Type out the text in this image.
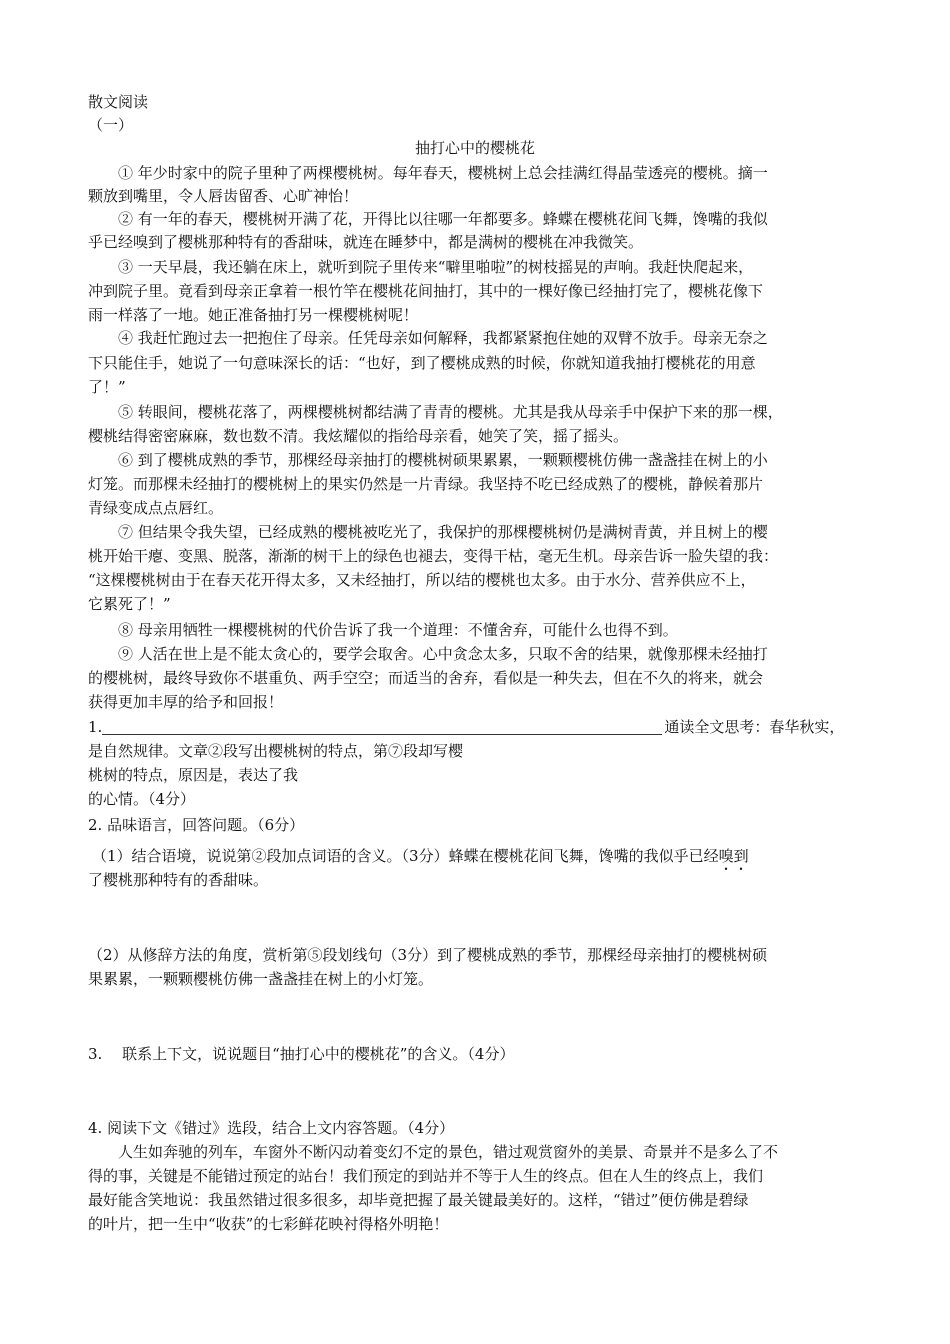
散文阅读
（一）
抽打心中的樱桃花
① 年少时家中的院子里种了两棵樱桃树。每年春天，樱桃树上总会挂满红得晶莹透亮的樱桃。摘一
颗放到嘴里，令人唇齿留香、心旷神怡！
② 有一年的春天，樱桃树开满了花，开得比以往哪一年都要多。蜂蝶在樱桃花间飞舞，馋嘴的我似
乎已经嗅到了樱桃那种特有的香甜味，就连在睡梦中，都是满树的樱桃在冲我微笑。
③ 一天早晨，我还躺在床上，就听到院子里传来“噼里啪啦”的树枝摇晃的声响。我赶快爬起来，
冲到院子里。竟看到母亲正拿着一根竹竿在樱桃花间抽打，其中的一棵好像已经抽打完了，樱桃花像下
雨一样落了一地。她正准备抽打另一棵樱桃树呢！
④ 我赶忙跑过去一把抱住了母亲。任凭母亲如何解释，我都紧紧抱住她的双臂不放手。母亲无奈之
下只能住手，她说了一句意味深长的话：“也好，到了樱桃成熟的时候，你就知道我抽打樱桃花的用意
了！”
⑤ 转眼间，樱桃花落了，两棵樱桃树都结满了青青的樱桃。尤其是我从母亲手中保护下来的那一棵，
樱桃结得密密麻麻，数也数不清。我炫耀似的指给母亲看，她笑了笑，摇了摇头。
⑥ 到了樱桃成熟的季节，那棵经母亲抽打的樱桃树硕果累累，一颗颗樱桃仿佛一盏盏挂在树上的小
灯笼。而那棵未经抽打的樱桃树上的果实仍然是一片青绿。我坚持不吃已经成熟了的樱桃，静候着那片
青绿变成点点唇红。
⑦ 但结果令我失望，已经成熟的樱桃被吃光了，我保护的那棵樱桃树仍是满树青黄，并且树上的樱
桃开始干瘪、变黑、脱落，渐渐的树干上的绿色也褪去，变得干枯，毫无生机。母亲告诉一脸失望的我：
“这棵樱桃树由于在春天花开得太多，又未经抽打，所以结的樱桃也太多。由于水分、营养供应不上，
它累死了！”
⑧ 母亲用牺牲一棵樱桃树的代价告诉了我一个道理：不懂舍弃，可能什么也得不到。
⑨ 人活在世上是不能太贪心的，要学会取舍。心中贪念太多，只取不舍的结果，就像那棵未经抽打
的樱桃树，最终导致你不堪重负、两手空空；而适当的舍弃，看似是一种失去，但在不久的将来，就会
获得更加丰厚的给予和回报！
1.	通读全文思考：春华秋实，
是自然规律。文章②段写出樱桃树的特点，第⑦段却写樱
桃树的特点，原因是，表达了我
的心情。（4分）
2. 品味语言，回答问题。（6分）
（1）结合语境，说说第②段加点词语的含义。（3分）蜂蝶在樱桃花间飞舞，馋嘴的我似乎已经嗅到
了樱桃那种特有的香甜味。
（2）从修辞方法的角度，赏析第⑤段划线句（3分）到了樱桃成熟的季节，那棵经母亲抽打的樱桃树硕
果累累，一颗颗樱桃仿佛一盏盏挂在树上的小灯笼。
3.　 联系上下文，说说题目“抽打心中的樱桃花”的含义。（4分）
4. 阅读下文《错过》选段，结合上文内容答题。（4分）
人生如奔驰的列车，车窗外不断闪动着变幻不定的景色，错过观赏窗外的美景、奇景并不是多么了不
得的事，关键是不能错过预定的站台！我们预定的到站并不等于人生的终点。但在人生的终点上，我们
最好能含笑地说：我虽然错过很多很多，却毕竟把握了最关键最美好的。这样，“错过”便仿佛是碧绿
的叶片，把一生中“收获”的七彩鲜花映衬得格外明艳！
